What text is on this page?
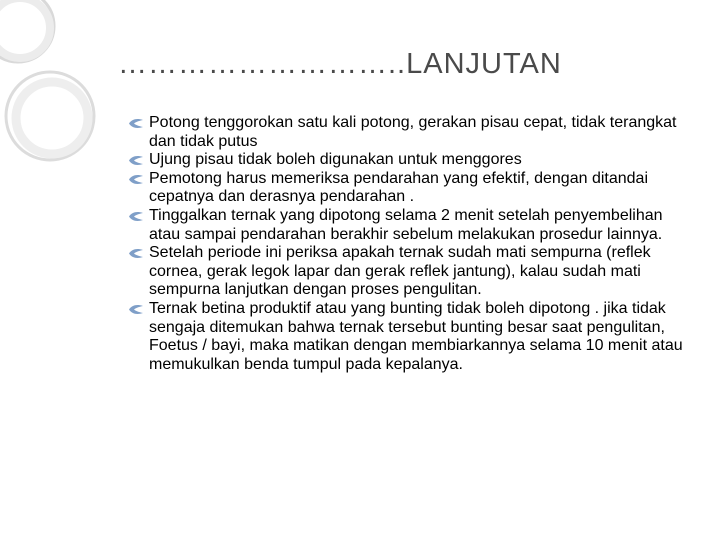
………………………..LANJUTAN
Potong tenggorokan satu kali potong, gerakan pisau cepat, tidak terangkat dan tidak putus
Ujung pisau tidak boleh digunakan untuk menggores
Pemotong harus memeriksa pendarahan yang efektif, dengan ditandai cepatnya dan derasnya pendarahan .
Tinggalkan ternak yang dipotong selama 2 menit setelah penyembelihan atau sampai pendarahan berakhir sebelum melakukan prosedur lainnya.
Setelah periode ini periksa apakah ternak sudah mati sempurna (reflek cornea, gerak legok lapar dan gerak reflek jantung), kalau sudah mati sempurna lanjutkan dengan proses pengulitan.
Ternak betina produktif atau yang bunting tidak boleh dipotong . jika tidak sengaja ditemukan bahwa ternak tersebut bunting besar saat pengulitan, Foetus / bayi, maka matikan dengan membiarkannya selama 10 menit atau memukulkan benda tumpul pada kepalanya.
